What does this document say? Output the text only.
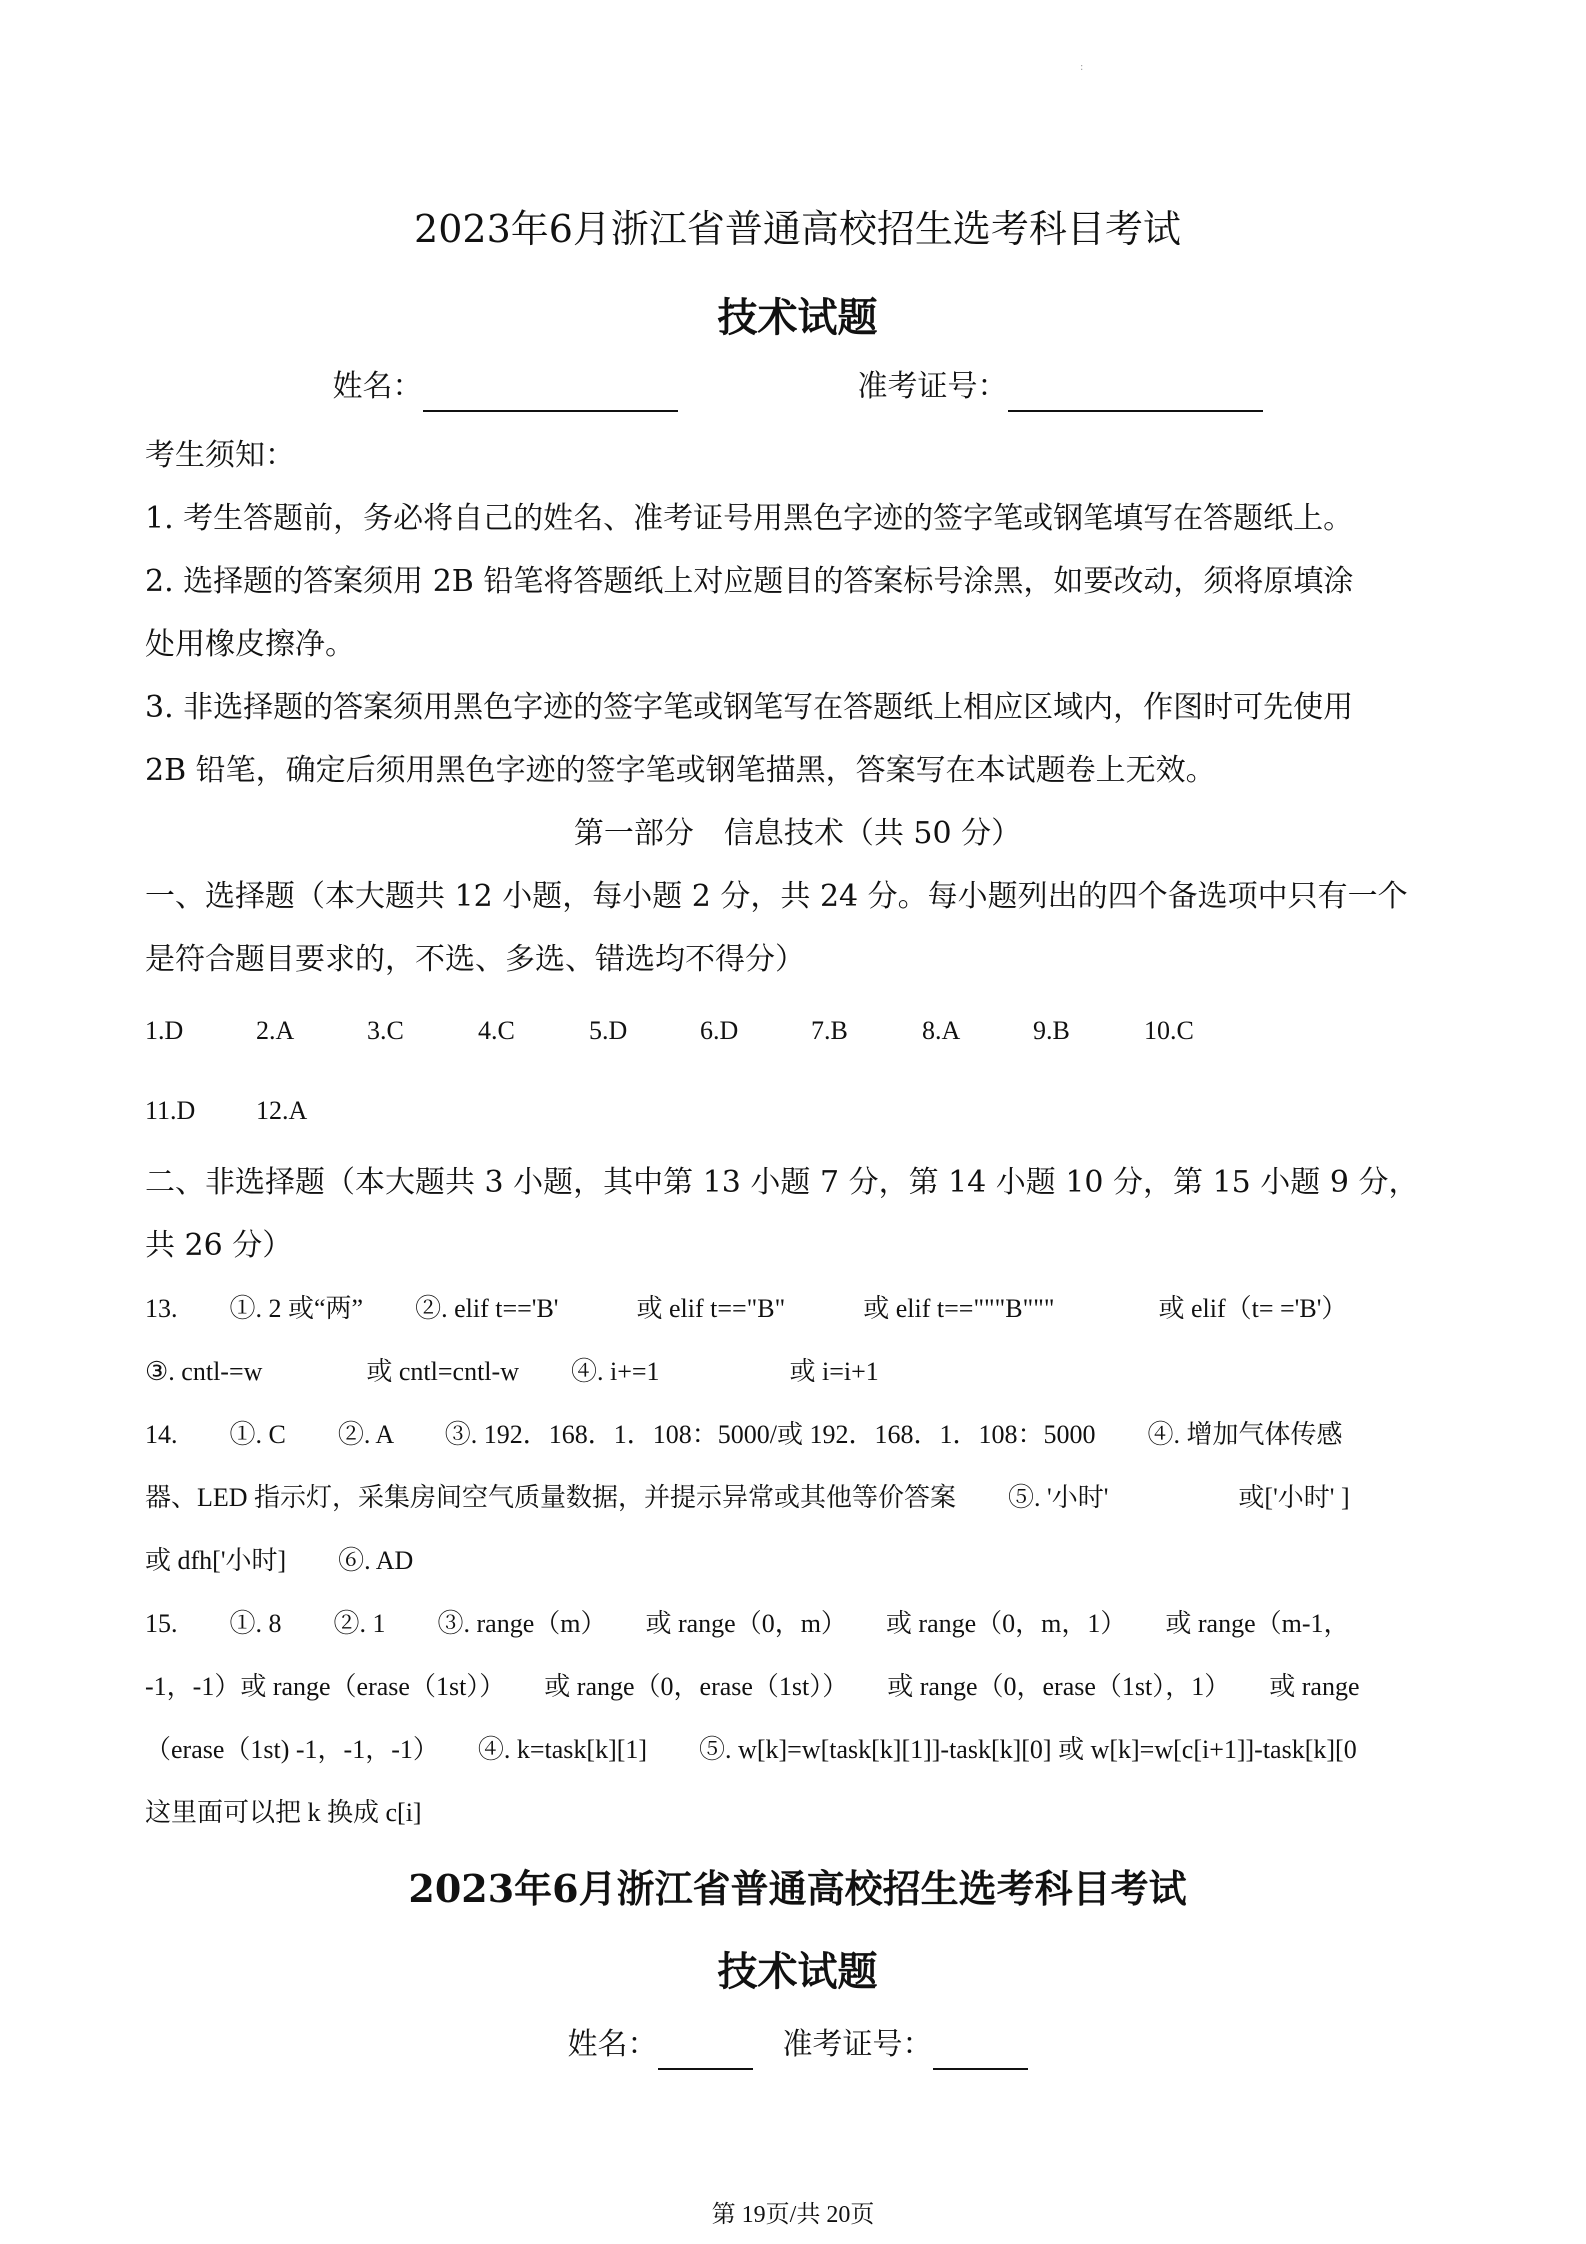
:
2023年6月浙江省普通高校招生选考科目考试
技术试题
姓名：	准考证号：
考生须知：
1. 考生答题前，务必将自己的姓名、准考证号用黑色字迹的签字笔或钢笔填写在答题纸上。
2. 选择题的答案须用 2B 铅笔将答题纸上对应题目的答案标号涂黑，如要改动，须将原填涂
处用橡皮擦净。
3. 非选择题的答案须用黑色字迹的签字笔或钢笔写在答题纸上相应区域内，作图时可先使用
2B 铅笔，确定后须用黑色字迹的签字笔或钢笔描黑，答案写在本试题卷上无效。
第一部分　信息技术（共 50 分）
一、选择题（本大题共 12 小题，每小题 2 分，共 24 分。每小题列出的四个备选项中只有一个
是符合题目要求的，不选、多选、错选均不得分）
1.D	2.A	3.C	4.C	5.D	6.D	7.B	8.A	9.B	10.C
11.D 12.A
二、非选择题（本大题共 3 小题，其中第 13 小题 7 分，第 14 小题 10 分，第 15 小题 9 分，
共 26 分）
13.　　①. 2 或“两”　　②. elif t=='B'　　　或 elif t=="B"　　　或 elif t=="""B"""　　　　或 elif（t= ='B'）
③. cntl-=w　　　　或 cntl=cntl-w　　④. i+=1　　　　　或 i=i+1
14.　　①. C　　②. A　　③. 192．168．1．108：5000/或 192．168．1．108：5000　　④. 增加气体传感
器、LED 指示灯，采集房间空气质量数据，并提示异常或其他等价答案　　⑤. '小时'　　　　　或['小时' ]
或 dfh['小时]　　⑥. AD
15.　　①. 8　　②. 1　　③. range（m）　　或 range（0，m）　　或 range（0，m，1）　　或 range（m-1，
-1，-1）或 range（erase（1st））　　或 range（0，erase（1st））　　或 range（0，erase（1st），1）　　或 range
（erase（1st) -1，-1，-1）　　④. k=task[k][1]　　⑤. w[k]=w[task[k][1]]-task[k][0] 或 w[k]=w[c[i+1]]-task[k][0
这里面可以把 k 换成 c[i]
2023年6月浙江省普通高校招生选考科目考试
技术试题
姓名：	准考证号：
第 19页/共 20页
